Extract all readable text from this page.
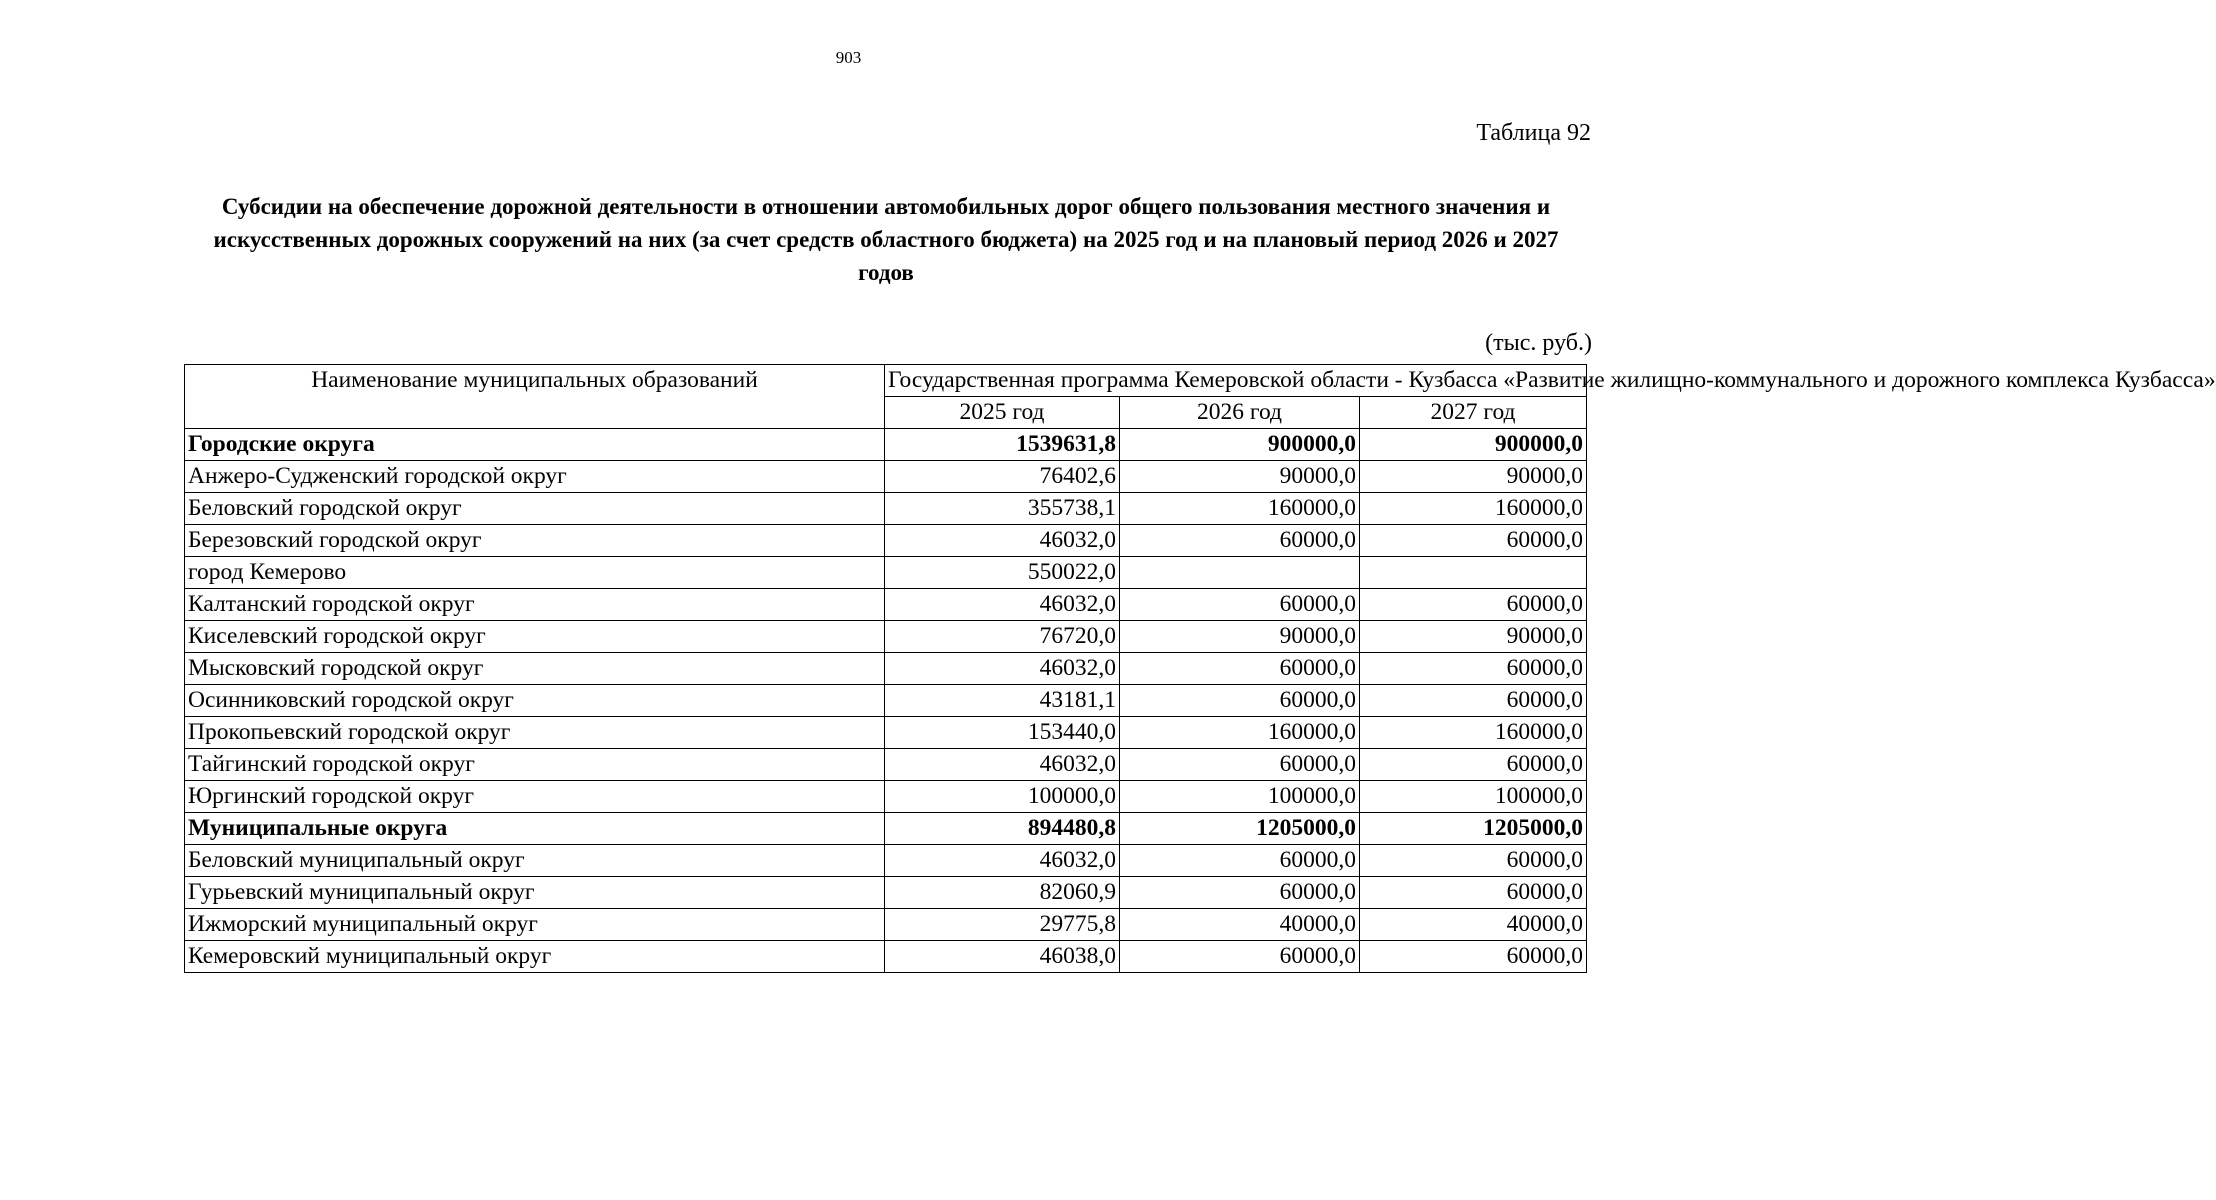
903
Таблица 92
Субсидии на обеспечение дорожной деятельности в отношении автомобильных дорог общего пользования местного значения и искусственных дорожных сооружений на них (за счет средств областного бюджета) на 2025 год и на плановый период 2026 и 2027 годов
(тыс. руб.)
Наименование муниципальных образований	Государственная программа Кемеровской области - Кузбасса «Развитие жилищно-коммунального и дорожного комплекса Кузбасса»		
	2025 год	2026 год	2027 год
Городские округа	1539631,8	900000,0	900000,0
Анжеро-Судженский городской округ	76402,6	90000,0	90000,0
Беловский городской округ	355738,1	160000,0	160000,0
Березовский городской округ	46032,0	60000,0	60000,0
город Кемерово	550022,0		
Калтанский городской округ	46032,0	60000,0	60000,0
Киселевский городской округ	76720,0	90000,0	90000,0
Мысковский городской округ	46032,0	60000,0	60000,0
Осинниковский городской округ	43181,1	60000,0	60000,0
Прокопьевский городской округ	153440,0	160000,0	160000,0
Тайгинский городской округ	46032,0	60000,0	60000,0
Юргинский городской округ	100000,0	100000,0	100000,0
Муниципальные округа	894480,8	1205000,0	1205000,0
Беловский муниципальный округ	46032,0	60000,0	60000,0
Гурьевский муниципальный округ	82060,9	60000,0	60000,0
Ижморский муниципальный округ	29775,8	40000,0	40000,0
Кемеровский муниципальный округ	46038,0	60000,0	60000,0
